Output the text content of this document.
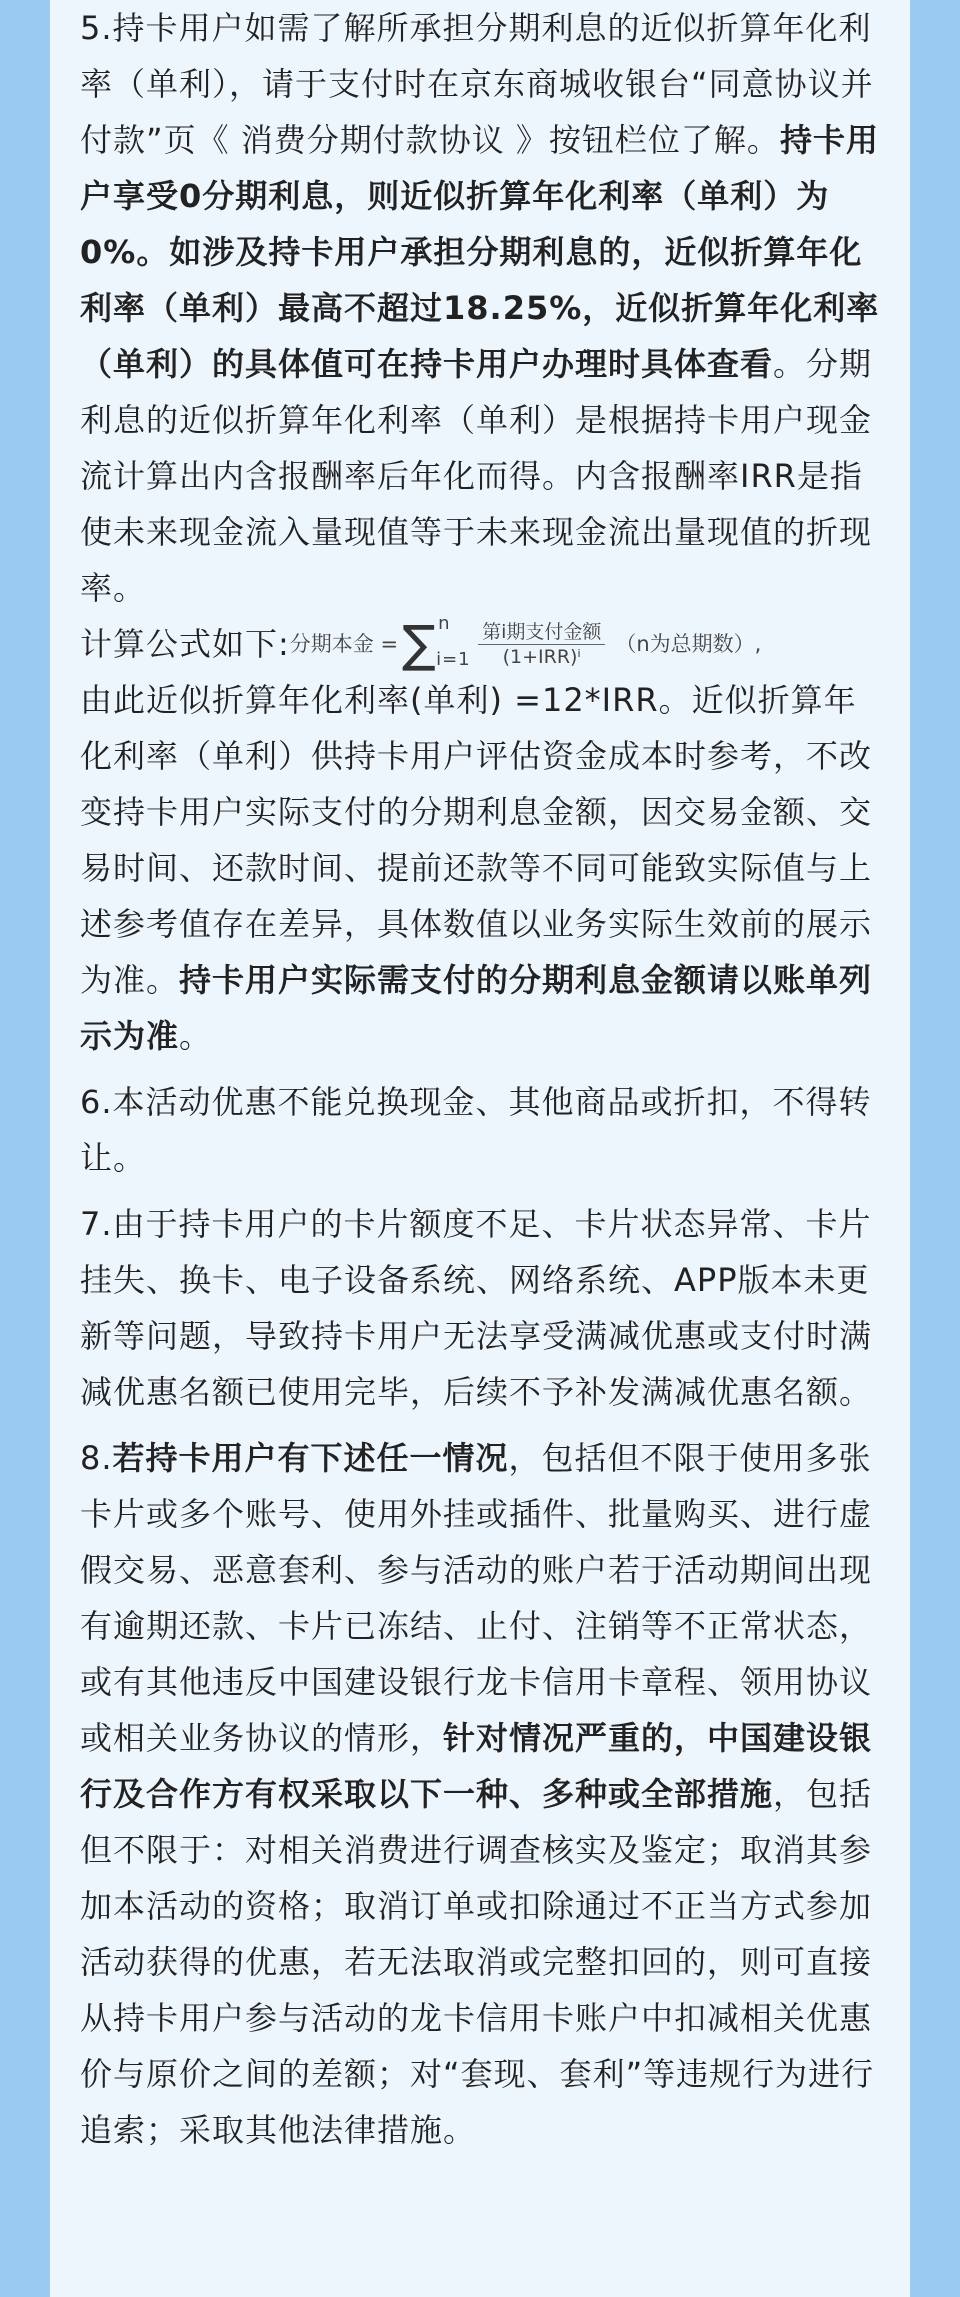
5.持卡用户如需了解所承担分期利息的近似折算年化利率（单利），请于支付时在京东商城收银台“同意协议并付款”页《 消费分期付款协议 》按钮栏位了解。持卡用户享受0分期利息，则近似折算年化利率（单利）为0%。如涉及持卡用户承担分期利息的，近似折算年化利率（单利）最高不超过18.25%，近似折算年化利率（单利）的具体值可在持卡用户办理时具体查看。分期利息的近似折算年化利率（单利）是根据持卡用户现金流计算出内含报酬率后年化而得。内含报酬率IRR是指使未来现金流入量现值等于未来现金流出量现值的折现率。
计算公式如下: 分期本金 = ∑ n
$i=1 \frac{\text{第i期支付金额}}{\text{(1+IRR)ⁱ}} (n$为总期数）,
由此近似折算年化利率(单利) =12*IRR。近似折算年化利率（单利）供持卡用户评估资金成本时参考，不改变持卡用户实际支付的分期利息金额，因交易金额、交易时间、还款时间、提前还款等不同可能致实际值与上述参考值存在差异，具体数值以业务实际生效前的展示为准。持卡用户实际需支付的分期利息金额请以账单列示为准。
6.本活动优惠不能兑换现金、其他商品或折扣，不得转让。
7.由于持卡用户的卡片额度不足、卡片状态异常、卡片挂失、换卡、电子设备系统、网络系统、APP版本未更新等问题，导致持卡用户无法享受满减优惠或支付时满减优惠名额已使用完毕，后续不予补发满减优惠名额。
8.若持卡用户有下述任一情况，包括但不限于使用多张卡片或多个账号、使用外挂或插件、批量购买、进行虚假交易、恶意套利、参与活动的账户若于活动期间出现有逾期还款、卡片已冻结、止付、注销等不正常状态，或有其他违反中国建设银行龙卡信用卡章程、领用协议或相关业务协议的情形，针对情况严重的，中国建设银行及合作方有权采取以下一种、多种或全部措施，包括但不限于：对相关消费进行调查核实及鉴定；取消其参加本活动的资格；取消订单或扣除通过不正当方式参加活动获得的优惠，若无法取消或完整扣回的，则可直接从持卡用户参与活动的龙卡信用卡账户中扣减相关优惠价与原价之间的差额；对“套现、套利”等违规行为进行追索；采取其他法律措施。
